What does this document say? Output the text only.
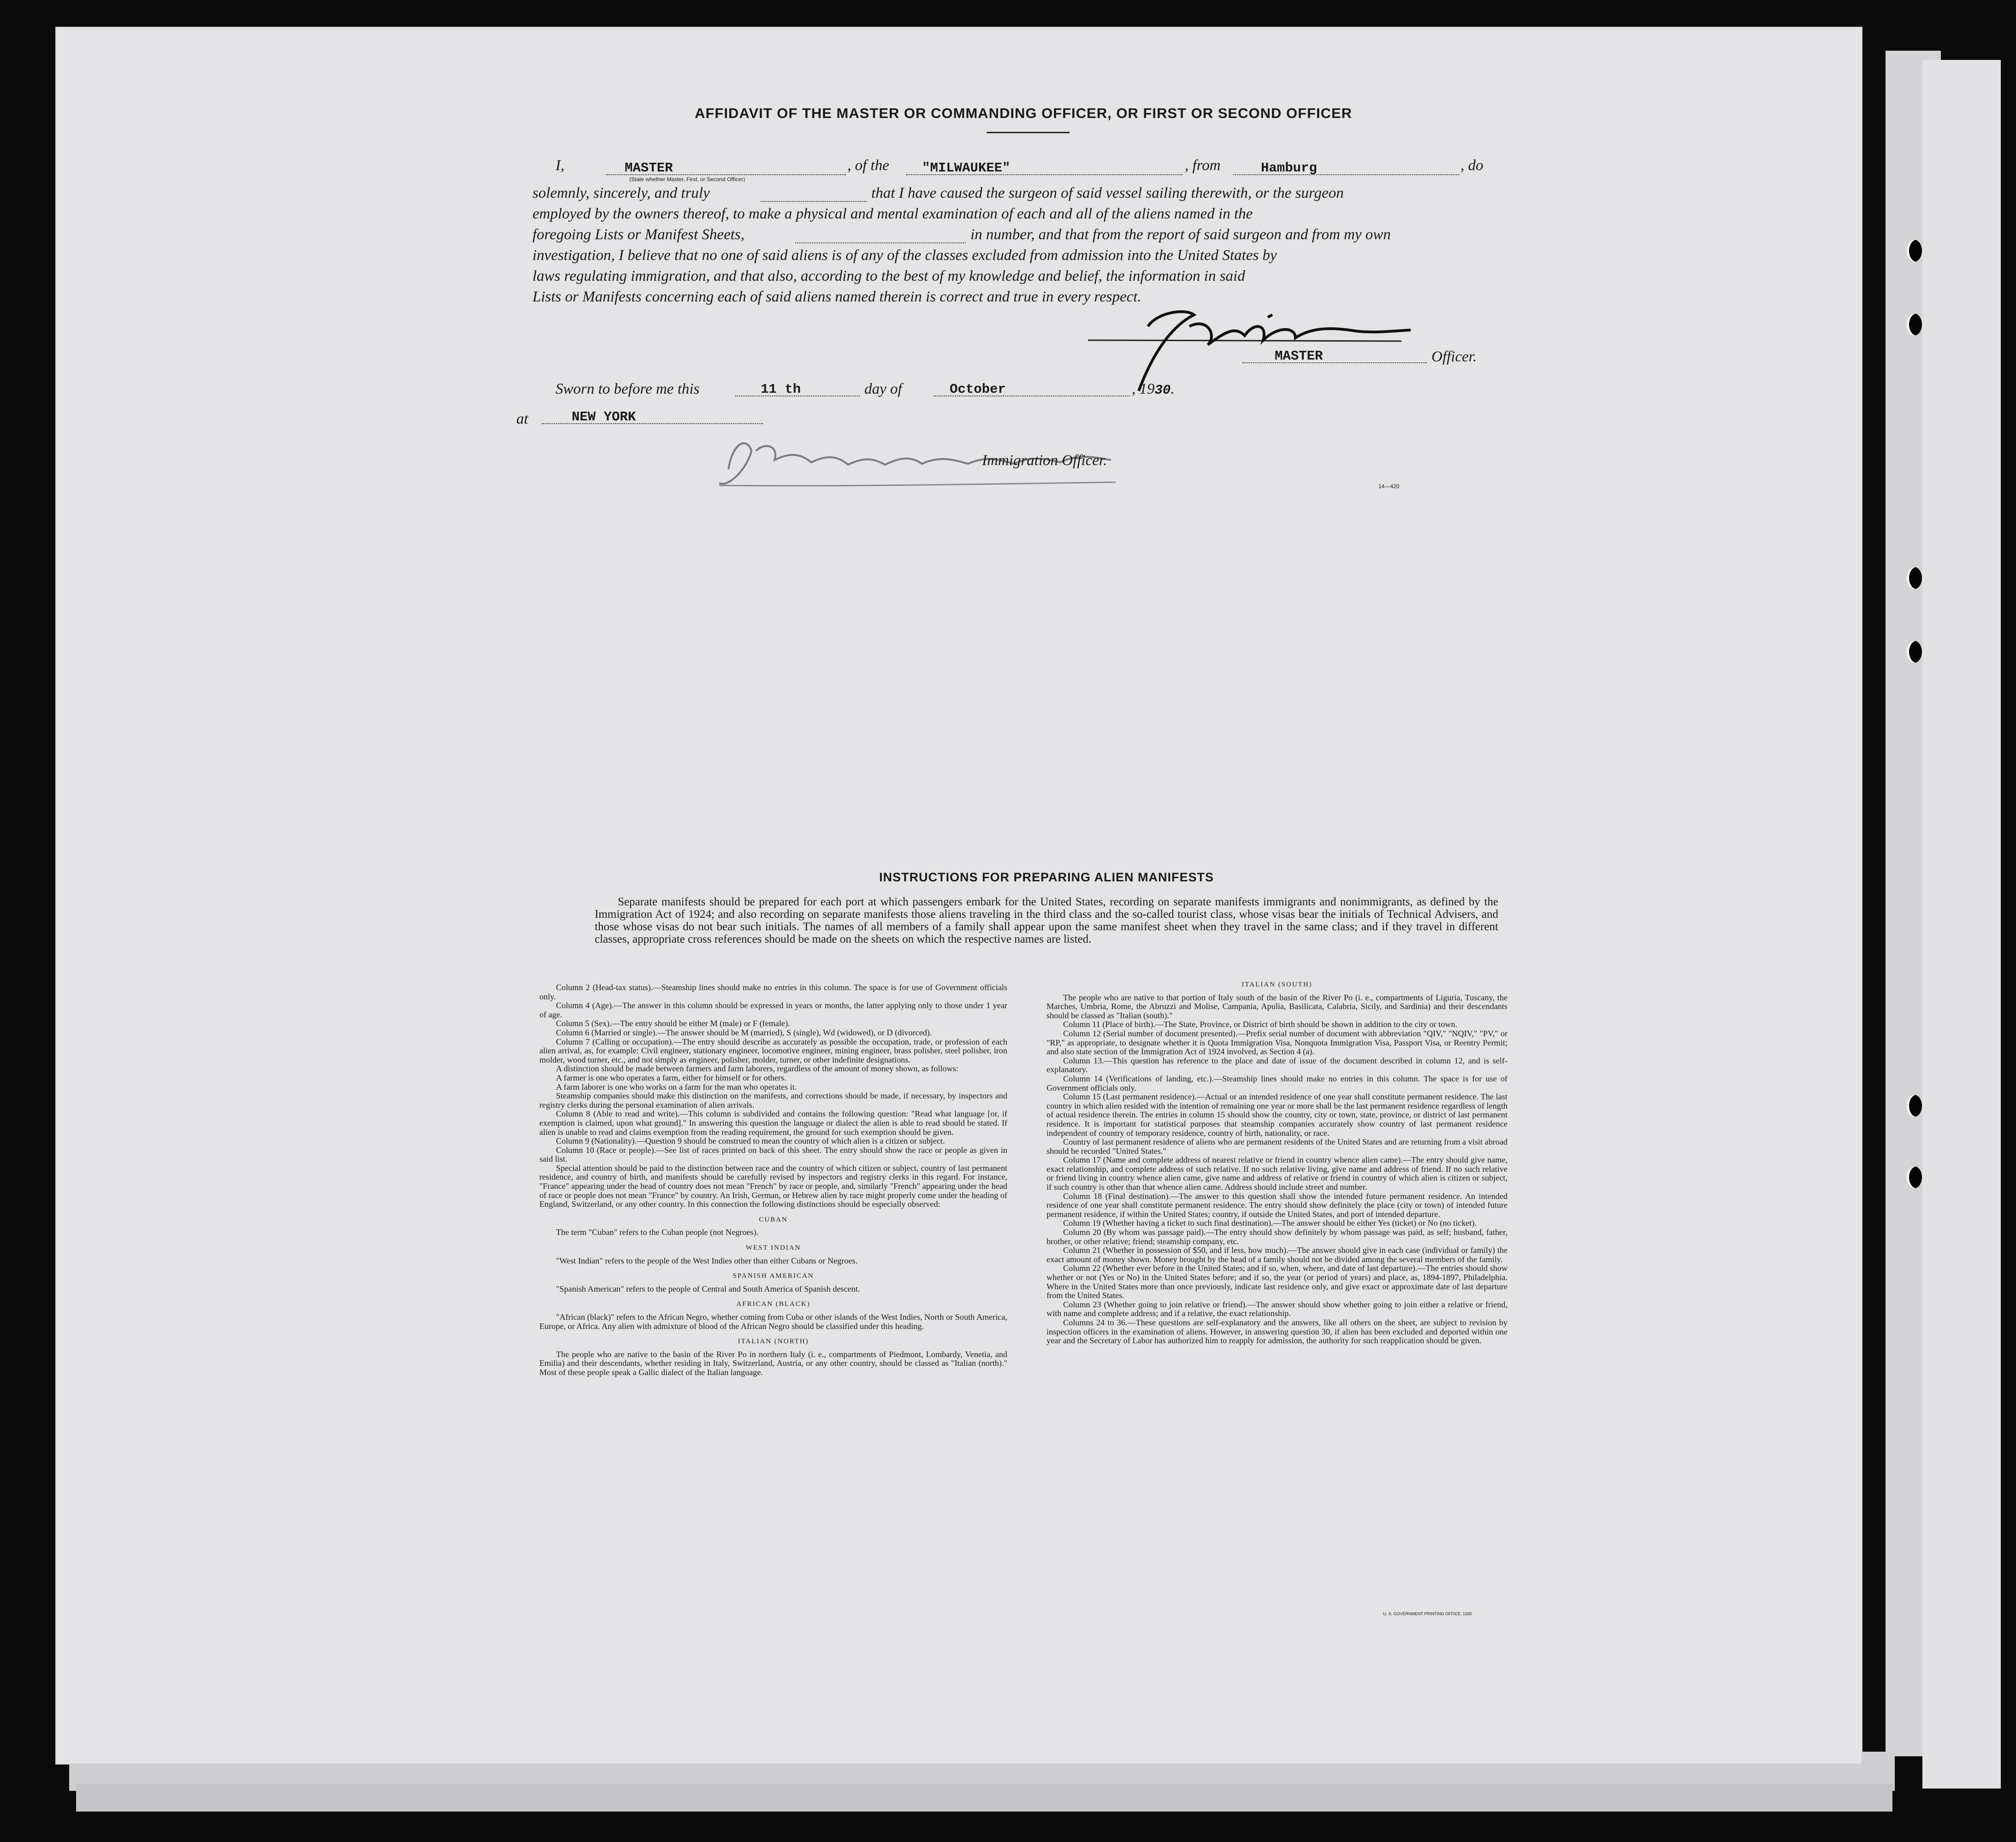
AFFIDAVIT OF THE MASTER OR COMMANDING OFFICER, OR FIRST OR SECOND OFFICER
I,	MASTER
(State whether Master, First, or Second Officer)
, of the "MILWAUKEE"	, from	Hamburg	, do
solemnly, sincerely, and truly	that I have caused the surgeon of said vessel sailing therewith, or the surgeon
employed by the owners thereof, to make a physical and mental examination of each and all of the aliens named in the
foregoing Lists or Manifest Sheets,	in number, and that from the report of said surgeon and from my own
investigation, I believe that no one of said aliens is of any of the classes excluded from admission into the United States by
laws regulating immigration, and that also, according to the best of my knowledge and belief, the information in said
Lists or Manifests concerning each of said aliens named therein is correct and true in every respect.
MASTER	Officer.
Sworn to before me this	11 th	day of	October	, 1930.
at	NEW YORK
Immigration Officer.
14—420
INSTRUCTIONS FOR PREPARING ALIEN MANIFESTS
Separate manifests should be prepared for each port at which passengers embark for the United States, recording on separate manifests immigrants and nonimmigrants, as defined by the Immigration Act of 1924; and also recording on separate manifests those aliens traveling in the third class and the so-called tourist class, whose visas bear the initials of Technical Advisers, and those whose visas do not bear such initials. The names of all members of a family shall appear upon the same manifest sheet when they travel in the same class; and if they travel in different classes, appropriate cross references should be made on the sheets on which the respective names are listed.

Column 2 (Head-tax status).—Steamship lines should make no entries in this column. The space is for use of Government officials only.

Column 4 (Age).—The answer in this column should be expressed in years or months, the latter applying only to those under 1 year of age.

Column 5 (Sex).—The entry should be either M (male) or F (female).

Column 6 (Married or single).—The answer should be M (married), S (single), Wd (widowed), or D (divorced).

Column 7 (Calling or occupation).—The entry should describe as accurately as possible the occupation, trade, or profession of each alien arrival, as, for example: Civil engineer, stationary engineer, locomotive engineer, mining engineer, brass polisher, steel polisher, iron molder, wood turner, etc., and not simply as engineer, polisher, molder, turner, or other indefinite designations.

A distinction should be made between farmers and farm laborers, regardless of the amount of money shown, as follows:

A farmer is one who operates a farm, either for himself or for others.

A farm laborer is one who works on a farm for the man who operates it.

Steamship companies should make this distinction on the manifests, and corrections should be made, if necessary, by inspectors and registry clerks during the personal examination of alien arrivals.

Column 8 (Able to read and write).—This column is subdivided and contains the following question: "Read what language [or, if exemption is claimed, upon what ground]." In answering this question the language or dialect the alien is able to read should be stated. If alien is unable to read and claims exemption from the reading requirement, the ground for such exemption should be given.

Column 9 (Nationality).—Question 9 should be construed to mean the country of which alien is a citizen or subject.

Column 10 (Race or people).—See list of races printed on back of this sheet. The entry should show the race or people as given in said list.

Special attention should be paid to the distinction between race and the country of which citizen or subject, country of last permanent residence, and country of birth, and manifests should be carefully revised by inspectors and registry clerks in this regard. For instance, "France" appearing under the head of country does not mean "French" by race or people, and, similarly "French" appearing under the head of race or people does not mean "France" by country. An Irish, German, or Hebrew alien by race might properly come under the heading of England, Switzerland, or any other country. In this connection the following distinctions should be especially observed:

CUBAN

The term "Cuban" refers to the Cuban people (not Negroes).

WEST INDIAN

"West Indian" refers to the people of the West Indies other than either Cubans or Negroes.

SPANISH AMERICAN

"Spanish American" refers to the people of Central and South America of Spanish descent.

AFRICAN (BLACK)

"African (black)" refers to the African Negro, whether coming from Cuba or other islands of the West Indies, North or South America, Europe, or Africa. Any alien with admixture of blood of the African Negro should be classified under this heading.

ITALIAN (NORTH)

The people who are native to the basin of the River Po in northern Italy (i. e., compartments of Piedmont, Lombardy, Venetia, and Emilia) and their descendants, whether residing in Italy, Switzerland, Austria, or any other country, should be classed as "Italian (north)." Most of these people speak a Gallic dialect of the Italian language.

ITALIAN (SOUTH)

The people who are native to that portion of Italy south of the basin of the River Po (i. e., compartments of Liguria, Tuscany, the Marches, Umbria, Rome, the Abruzzi and Molise, Campania, Apulia, Basilicata, Calabria, Sicily, and Sardinia) and their descendants should be classed as "Italian (south)."

Column 11 (Place of birth).—The State, Province, or District of birth should be shown in addition to the city or town.

Column 12 (Serial number of document presented).—Prefix serial number of document with abbreviation "QIV," "NQIV," "PV," or "RP," as appropriate, to designate whether it is Quota Immigration Visa, Nonquota Immigration Visa, Passport Visa, or Reentry Permit; and also state section of the Immigration Act of 1924 involved, as Section 4 (a).

Column 13.—This question has reference to the place and date of issue of the document described in column 12, and is self-explanatory.

Column 14 (Verifications of landing, etc.).—Steamship lines should make no entries in this column. The space is for use of Government officials only.

Column 15 (Last permanent residence).—Actual or an intended residence of one year shall constitute permanent residence. The last country in which alien resided with the intention of remaining one year or more shall be the last permanent residence regardless of length of actual residence therein. The entries in column 15 should show the country, city or town, state, province, or district of last permanent residence. It is important for statistical purposes that steamship companies accurately show country of last permanent residence independent of country of temporary residence, country of birth, nationality, or race.

Country of last permanent residence of aliens who are permanent residents of the United States and are returning from a visit abroad should be recorded "United States."

Column 17 (Name and complete address of nearest relative or friend in country whence alien came).—The entry should give name, exact relationship, and complete address of such relative. If no such relative living, give name and address of friend. If no such relative or friend living in country whence alien came, give name and address of relative or friend in country of which alien is citizen or subject, if such country is other than that whence alien came. Address should include street and number.

Column 18 (Final destination).—The answer to this question shall show the intended future permanent residence. An intended residence of one year shall constitute permanent residence. The entry should show definitely the place (city or town) of intended future permanent residence, if within the United States; country, if outside the United States, and port of intended departure.

Column 19 (Whether having a ticket to such final destination).—The answer should be either Yes (ticket) or No (no ticket).

Column 20 (By whom was passage paid).—The entry should show definitely by whom passage was paid, as self; husband, father, brother, or other relative; friend; steamship company, etc.

Column 21 (Whether in possession of $50, and if less, how much).—The answer should give in each case (individual or family) the exact amount of money shown. Money brought by the head of a family should not be divided among the several members of the family.

Column 22 (Whether ever before in the United States; and if so, when, where, and date of last departure).—The entries should show whether or not (Yes or No) in the United States before; and if so, the year (or period of years) and place, as, 1894-1897, Philadelphia. Where in the United States more than once previously, indicate last residence only, and give exact or approximate date of last departure from the United States.

Column 23 (Whether going to join relative or friend).—The answer should show whether going to join either a relative or friend, with name and complete address; and if a relative, the exact relationship.

Columns 24 to 36.—These questions are self-explanatory and the answers, like all others on the sheet, are subject to revision by inspection officers in the examination of aliens. However, in answering question 30, if alien has been excluded and deported within one year and the Secretary of Labor has authorized him to reapply for admission, the authority for such reapplication should be given.

U. S. GOVERNMENT PRINTING OFFICE: 1930
